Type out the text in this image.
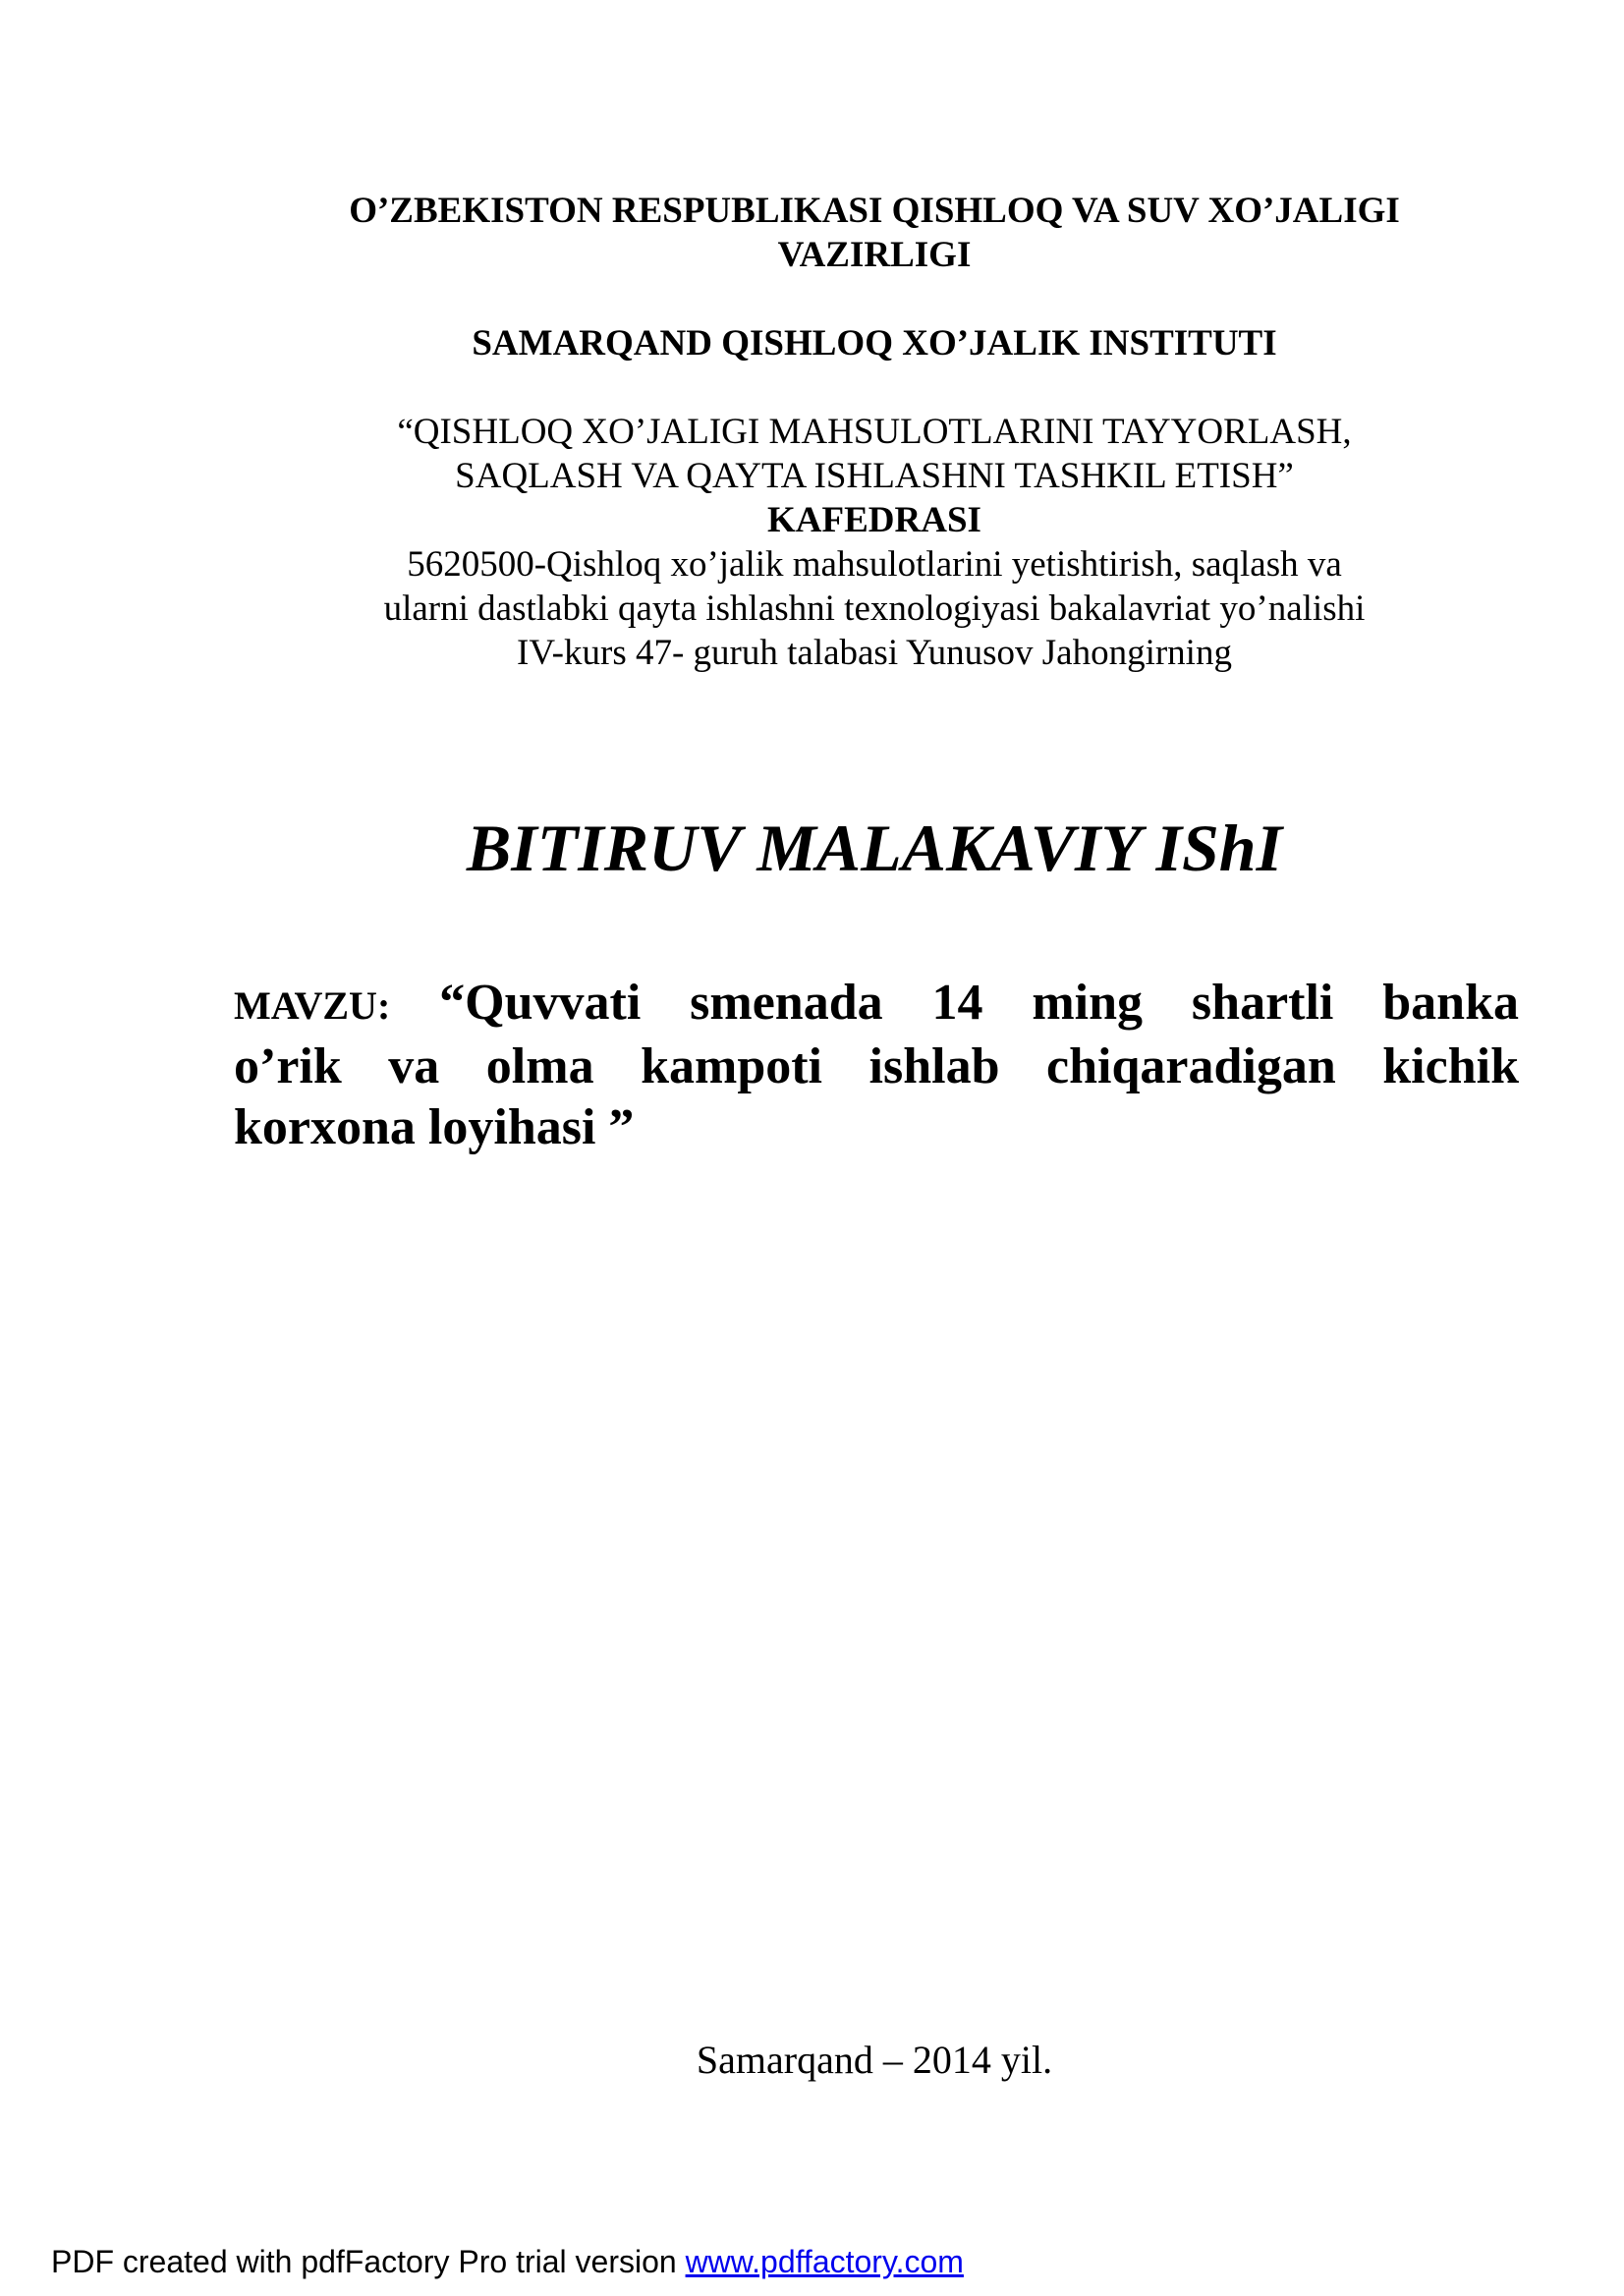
O’ZBEKISTON RESPUBLIKASI QISHLOQ VA SUV XO’JALIGI
VAZIRLIGI
SAMARQAND QISHLOQ XO’JALIK INSTITUTI
“QISHLOQ XO’JALIGI MAHSULOTLARINI TAYYORLASH,
SAQLASH VA QAYTA ISHLASHNI TASHKIL ETISH”
KAFEDRASI
5620500-Qishloq xo’jalik mahsulotlarini yetishtirish, saqlash va
ularni dastlabki qayta ishlashni texnologiyasi bakalavriat yo’nalishi
IV-kurs 47- guruh talabasi Yunusov Jahongirning
BITIRUV MALAKAVIY IShI
MAVZU: “Quvvati smenada 14 ming shartli banka
o’rik va olma kampoti ishlab chiqaradigan kichik
korxona loyihasi ”
Samarqand – 2014 yil.
PDF created with pdfFactory Pro trial version www.pdffactory.com
